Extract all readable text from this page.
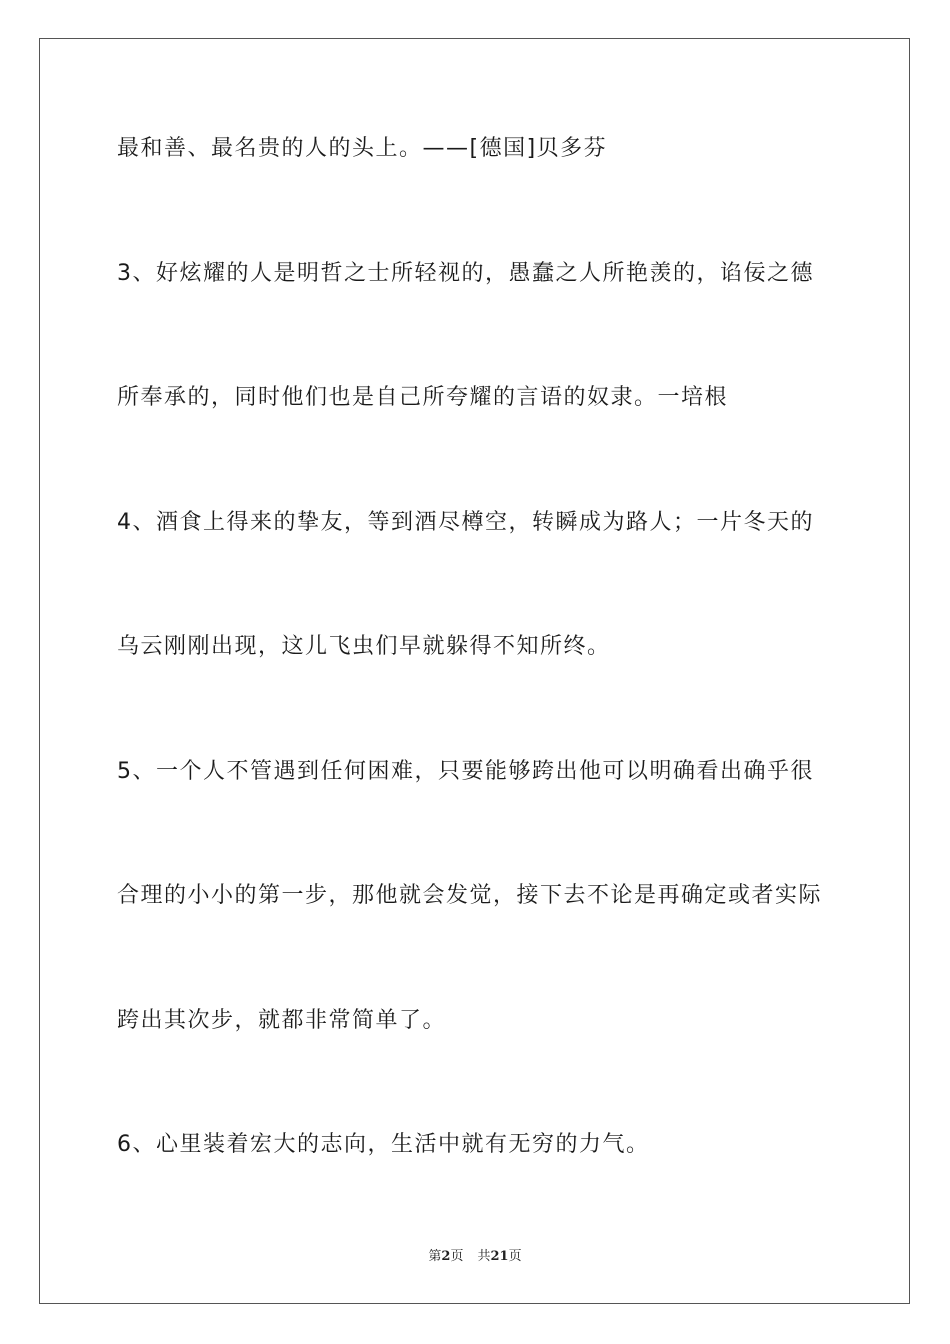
最和善、最名贵的人的头上。——[德国]贝多芬
3、好炫耀的人是明哲之士所轻视的，愚蠢之人所艳羡的，谄佞之德
所奉承的，同时他们也是自己所夸耀的言语的奴隶。一培根
4、酒食上得来的挚友，等到酒尽樽空，转瞬成为路人；一片冬天的
乌云刚刚出现，这儿飞虫们早就躲得不知所终。
5、一个人不管遇到任何困难，只要能够跨出他可以明确看出确乎很
合理的小小的第一步，那他就会发觉，接下去不论是再确定或者实际
跨出其次步，就都非常简单了。
6、心里装着宏大的志向，生活中就有无穷的力气。
第2页 共21页
